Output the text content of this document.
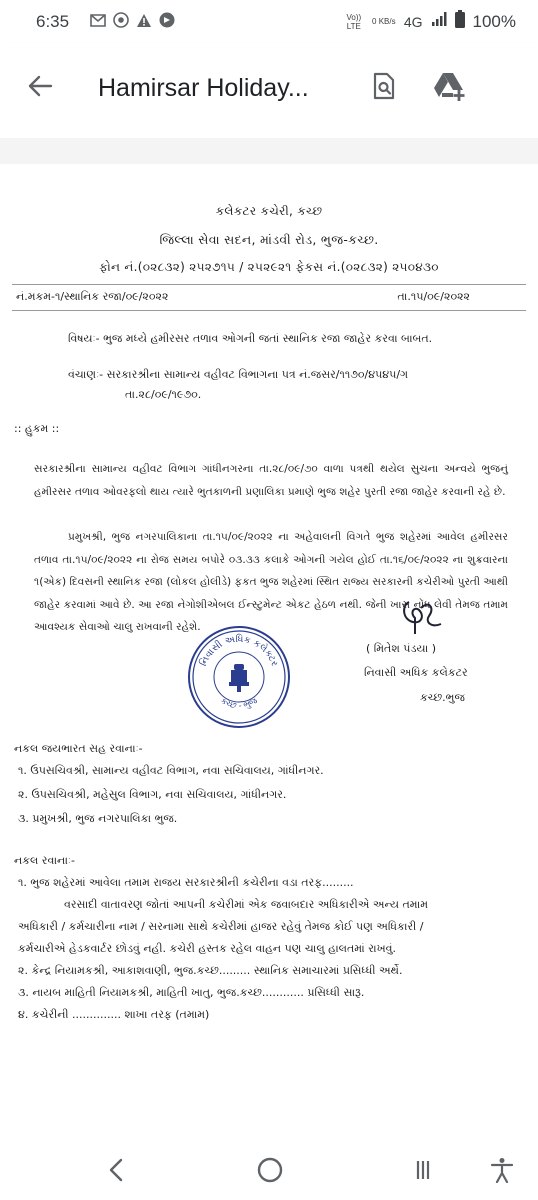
6:35	Vo)) LTE	0 KB/s 4G	100%
Hamirsar Holiday...
કલેકટર કચેરી, કચ્છ
જિલ્લા સેવા સદન, માંડવી રોડ, ભુજ-કચ્છ.
ફોન નં.(૦૨૮૩૨) ૨૫૨૭૧૫ / ૨૫૨૯૨૧ ફેકસ નં.(૦૨૮૩૨) ૨૫૦૪૩૦
નં.મકમ-૧/સ્થાનિક રજા/૦૯/૨૦૨૨	તા.૧૫/૦૯/૨૦૨૨
વિષયઃ- ભુજ મધ્યે હમીરસર તળાવ ઓગની જતાં સ્થાનિક રજા જાહેર કરવા બાબત.
વંચાણઃ- સરકારશ્રીના સામાન્ય વહીવટ વિભાગના પત્ર નં.જસર/૧૧૭૦/૪૫૪૫/ગ
તા.૨૮/૦૯/૧૯૭૦.
:: હુકમ ::
સરકારશ્રીના સામાન્ય વહીવટ વિભાગ ગાંધીનગરના તા.૨૮/૦૯/૭૦ વાળા પત્રથી થયેલ સુચના અન્વયે ભુજનું હમીરસર તળાવ ઓવરફલો થાય ત્યારે ભુતકાળની પ્રણાલિકા પ્રમાણે ભુજ શહેર પુરતી રજા જાહેર કરવાની રહે છે.
પ્રમુખશ્રી, ભુજ નગરપાલિકાના તા.૧૫/૦૯/૨૦૨૨ ના અહેવાલની વિગતે ભુજ શહેરમાં આવેલ હમીરસર તળાવ તા.૧૫/૦૯/૨૦૨૨ ના રોજ સમય બપોરે ૦૩.૩૩ કલાકે ઓગની ગયેલ હોઈ તા.૧૬/૦૯/૨૦૨૨ ના શુક્રવારના ૧(એક) દિવસની સ્થાનિક રજા (લોકલ હોલીડે) ફકત ભુજ શહેરમાં સ્થિત રાજ્ય સરકારની કચેરીઓ પુરતી આથી જાહેર કરવામાં આવે છે. આ રજા નેગોશીએબલ ઈન્સ્ટુમેન્ટ એકટ હેઠળ નથી. જેની ખાસ નોંધ લેવી તેમજ તમામ આવશ્યક સેવાઓ ચાલુ રાખવાની રહેશે.
( મિતેશ પંડયા )
નિવાસી અધિક કલેકટર
કચ્છ.ભુજ
નિવાસી અધિક કલેક્ટર
કચ્છ - ભુજ
નકલ જયભારત સહ રવાનાઃ-
૧. ઉપસચિવશ્રી, સામાન્ય વહીવટ વિભાગ, નવા સચિવાલય, ગાંધીનગર.
૨. ઉપસચિવશ્રી, મહેસુલ વિભાગ, નવા સચિવાલય, ગાંધીનગર.
૩. પ્રમુખશ્રી, ભુજ નગરપાલિકા ભુજ.
નકલ રવાનાઃ-
૧. ભુજ શહેરમાં આવેલા તમામ રાજય સરકારશ્રીની કચેરીના વડા તરફ.........
વરસાદી વાતાવરણ જોતાં આપની કચેરીમાં એક જવાબદાર અધિકારીએ અન્ય તમામ
અધિકારી / કર્મચારીના નામ / સરનામા સાથે કચેરીમાં હાજર રહેવું તેમજ કોઈ પણ અધિકારી /
કર્મચારીએ હેડકવાર્ટર છોડવું નહી. કચેરી હસ્તક રહેલ વાહન પણ ચાલુ હાલતમાં રાખવું.
૨. કેન્દ્ર નિયામકશ્રી, આકાશવાણી, ભુજ.કચ્છ......... સ્થાનિક સમાચારમાં પ્રસિધ્ધી અર્થે.
૩. નાયબ માહિતી નિયામકશ્રી, માહિતી ખાતુ, ભુજ.કચ્છ............ પ્રસિધ્ધી સારૂ.
૪. કચેરીની .............. શાખા તરફ (તમામ)
